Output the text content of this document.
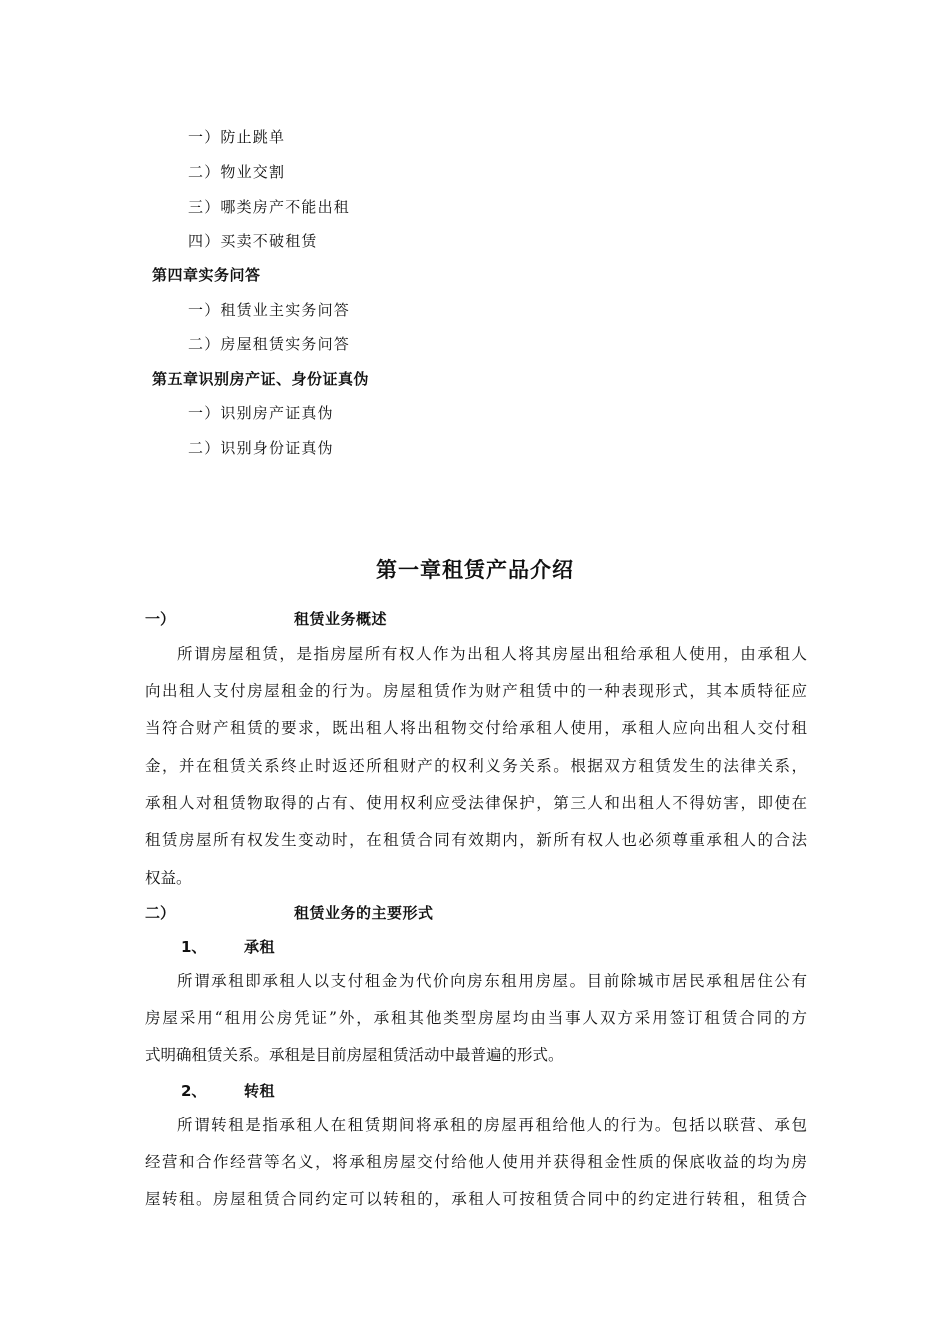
一）防止跳单
二）物业交割
三）哪类房产不能出租
四）买卖不破租赁
第四章实务问答
一）租赁业主实务问答
二）房屋租赁实务问答
第五章识别房产证、身份证真伪
一）识别房产证真伪
二）识别身份证真伪
第一章租赁产品介绍
一）	租赁业务概述
所谓房屋租赁，是指房屋所有权人作为出租人将其房屋出租给承租人使用，由承租人
向出租人支付房屋租金的行为。房屋租赁作为财产租赁中的一种表现形式，其本质特征应
当符合财产租赁的要求，既出租人将出租物交付给承租人使用，承租人应向出租人交付租
金，并在租赁关系终止时返还所租财产的权利义务关系。根据双方租赁发生的法律关系，
承租人对租赁物取得的占有、使用权利应受法律保护，第三人和出租人不得妨害，即使在
租赁房屋所有权发生变动时，在租赁合同有效期内，新所有权人也必须尊重承租人的合法
权益。
二）	租赁业务的主要形式
1、	承租
所谓承租即承租人以支付租金为代价向房东租用房屋。目前除城市居民承租居住公有
房屋采用“租用公房凭证”外，承租其他类型房屋均由当事人双方采用签订租赁合同的方
式明确租赁关系。承租是目前房屋租赁活动中最普遍的形式。
2、	转租
所谓转租是指承租人在租赁期间将承租的房屋再租给他人的行为。包括以联营、承包
经营和合作经营等名义，将承租房屋交付给他人使用并获得租金性质的保底收益的均为房
屋转租。房屋租赁合同约定可以转租的，承租人可按租赁合同中的约定进行转租，租赁合
